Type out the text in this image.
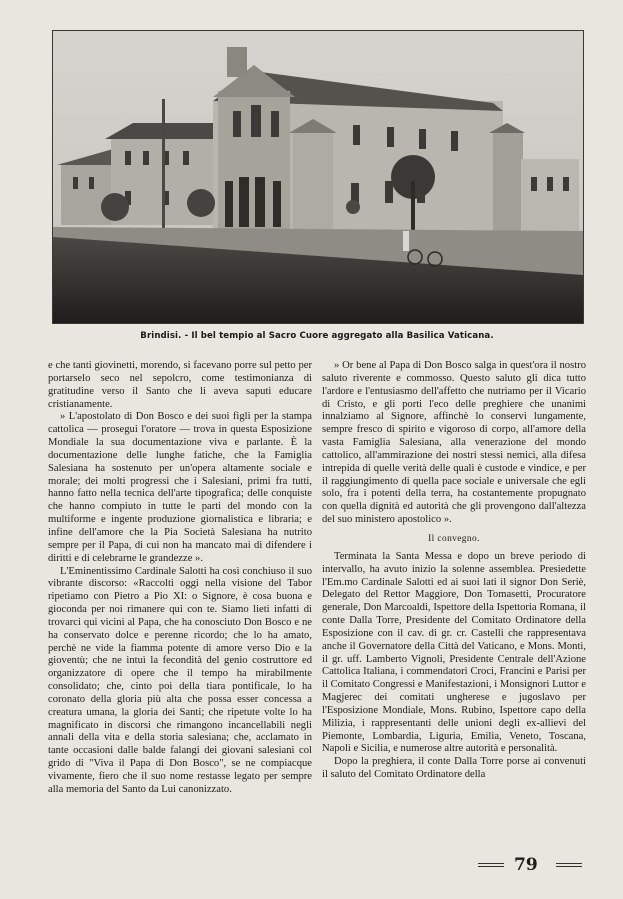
Brindisi. - Il bel tempio al Sacro Cuore aggregato alla Basilica Vaticana.

e che tanti giovinetti, morendo, si facevano porre sul petto per portarselo seco nel sepolcro, come testimonianza di gratitudine verso il Santo che li aveva saputi educare cristianamente.

» L'apostolato di Don Bosco e dei suoi figli per la stampa cattolica — prosegui l'oratore — trova in questa Esposizione Mondiale la sua documentazione viva e parlante. È la documentazione delle lunghe fatiche, che la Famiglia Salesiana ha sostenuto per un'opera altamente sociale e morale; dei molti progressi che i Salesiani, primi fra tutti, hanno fatto nella tecnica dell'arte tipografica; delle conquiste che hanno compiuto in tutte le parti del mondo con la multiforme e ingente produzione giornalistica e libraria; e infine dell'amore che la Pia Società Salesiana ha nutrito sempre per il Papa, di cui non ha mancato mai di difendere i diritti e di celebrarne le grandezze ».

L'Eminentissimo Cardinale Salotti ha così conchiuso il suo vibrante discorso: «Raccolti oggi nella visione del Tabor ripetiamo con Pietro a Pio XI: o Signore, è cosa buona e gioconda per noi rimanere qui con te. Siamo lieti infatti di trovarci qui vicini al Papa, che ha conosciuto Don Bosco e ne ha conservato dolce e perenne ricordo; che lo ha amato, perchè ne vide la fiamma potente di amore verso Dio e la gioventù; che ne intuì la fecondità del genio costruttore ed organizzatore di opere che il tempo ha mirabilmente consolidato; che, cinto poi della tiara pontificale, lo ha coronato della gloria più alta che possa esser concessa a creatura umana, la gloria dei Santi; che ripetute volte lo ha magnificato in discorsi che rimangono incancellabili negli annali della vita e della storia salesiana; che, acclamato in tante occasioni dalle balde falangi dei giovani salesiani col grido di "Viva il Papa di Don Bosco", se ne compiacque vivamente, fiero che il suo nome restasse legato per sempre alla memoria del Santo da Lui canonizzato.

» Or bene al Papa di Don Bosco salga in quest'ora il nostro saluto riverente e commosso. Questo saluto gli dica tutto l'ardore e l'entusiasmo dell'affetto che nutriamo per il Vicario di Cristo, e gli porti l'eco delle preghiere che unanimi innalziamo al Signore, affinchè lo conservi lungamente, sempre fresco di spirito e vigoroso di corpo, all'amore della vasta Famiglia Salesiana, alla venerazione del mondo cattolico, all'ammirazione dei nostri stessi nemici, alla difesa intrepida di quelle verità delle quali è custode e vindice, e per il raggiungimento di quella pace sociale e universale che egli solo, fra i potenti della terra, ha costantemente propugnato con quella dignità ed autorità che gli provengono dall'altezza del suo ministero apostolico ».

Il convegno.

Terminata la Santa Messa e dopo un breve periodo di intervallo, ha avuto inizio la solenne assemblea. Presiedette l'Em.mo Cardinale Salotti ed ai suoi lati il signor Don Seriè, Delegato del Rettor Maggiore, Don Tomasetti, Procuratore generale, Don Marcoaldi, Ispettore della Ispettoria Romana, il conte Dalla Torre, Presidente del Comitato Ordinatore della Esposizione con il cav. di gr. cr. Castelli che rappresentava anche il Governatore della Città del Vaticano, e Mons. Monti, il gr. uff. Lamberto Vignoli, Presidente Centrale dell'Azione Cattolica Italiana, i commendatori Croci, Francini e Parisi per il Comitato Congressi e Manifestazioni, i Monsignori Luttor e Magjerec dei comitati ungherese e jugoslavo per l'Esposizione Mondiale, Mons. Rubino, Ispettore capo della Milizia, i rappresentanti delle unioni degli ex-allievi del Piemonte, Lombardia, Liguria, Emilia, Veneto, Toscana, Napoli e Sicilia, e numerose altre autorità e personalità.

Dopo la preghiera, il conte Dalla Torre porse ai convenuti il saluto del Comitato Ordinatore della

79
